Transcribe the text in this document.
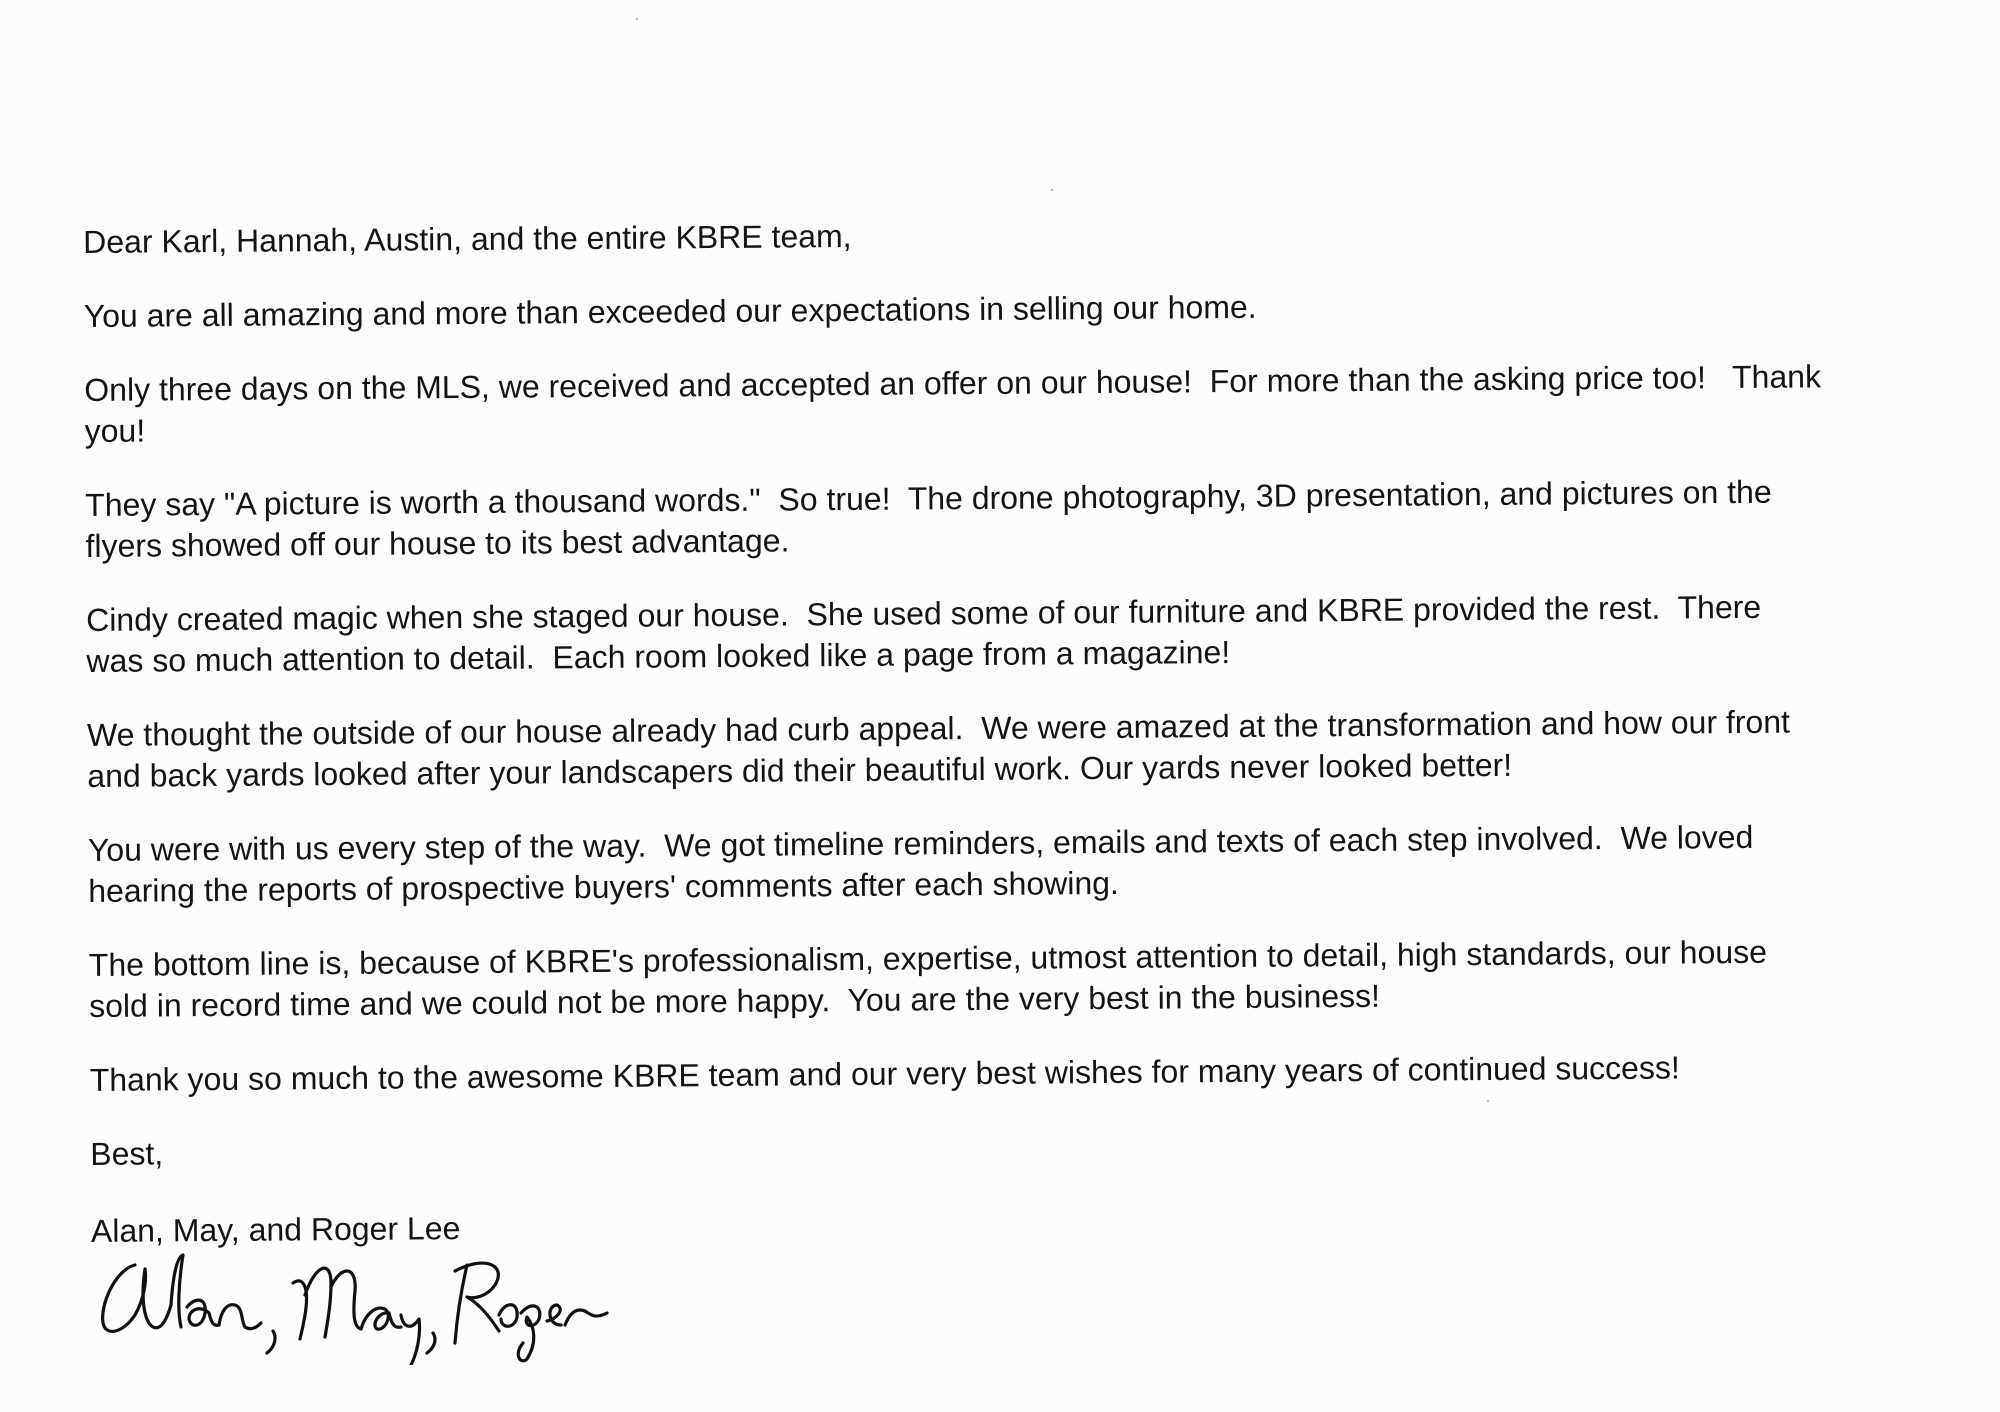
Dear Karl, Hannah, Austin, and the entire KBRE team,

You are all amazing and more than exceeded our expectations in selling our home.

Only three days on the MLS, we received and accepted an offer on our house!  For more than the asking price too!   Thank

you!

They say "A picture is worth a thousand words."  So true!  The drone photography, 3D presentation, and pictures on the

flyers showed off our house to its best advantage.

Cindy created magic when she staged our house.  She used some of our furniture and KBRE provided the rest.  There

was so much attention to detail.  Each room looked like a page from a magazine!

We thought the outside of our house already had curb appeal.  We were amazed at the transformation and how our front

and back yards looked after your landscapers did their beautiful work. Our yards never looked better!

You were with us every step of the way.  We got timeline reminders, emails and texts of each step involved.  We loved

hearing the reports of prospective buyers' comments after each showing.

The bottom line is, because of KBRE's professionalism, expertise, utmost attention to detail, high standards, our house

sold in record time and we could not be more happy.  You are the very best in the business!

Thank you so much to the awesome KBRE team and our very best wishes for many years of continued success!

Best,

Alan, May, and Roger Lee
